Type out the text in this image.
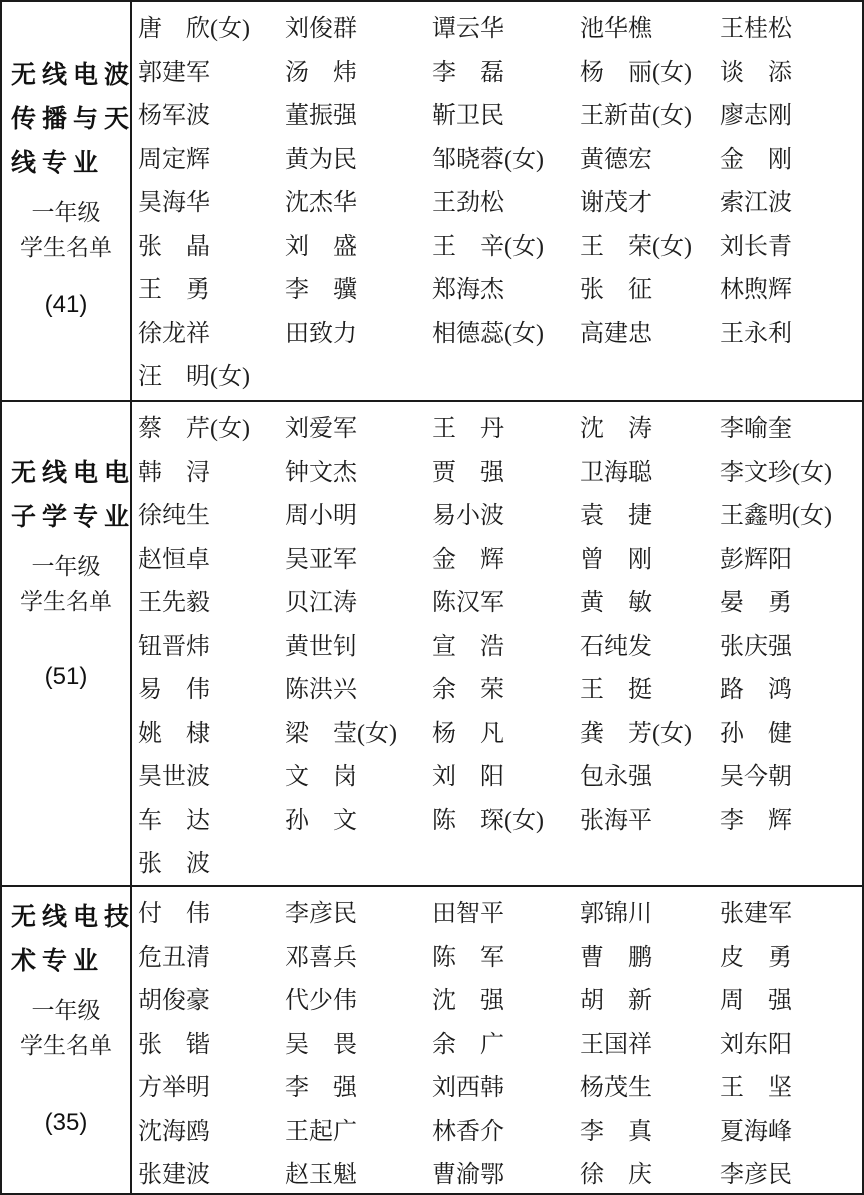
无线电波
传播与天
线专业
一年级
学生名单
(41)
唐　欣(女)	刘俊群	谭云华	池华樵	王桂松
郭建军	汤　炜	李　磊	杨　丽(女)	谈　添
杨军波	董振强	靳卫民	王新苗(女)	廖志刚
周定辉	黄为民	邹晓蓉(女)	黄德宏	金　刚
昊海华	沈杰华	王劲松	谢茂才	索江波
张　晶	刘　盛	王　辛(女)	王　荣(女)	刘长青
王　勇	李　骥	郑海杰	张　征	林煦辉
徐龙祥	田致力	相德蕊(女)	高建忠	王永利
汪　明(女)
无线电电
子学专业
一年级
学生名单
(51)
蔡　芹(女)	刘爱军	王　丹	沈　涛	李喻奎
韩　浔	钟文杰	贾　强	卫海聪	李文珍(女)
徐纯生	周小明	易小波	袁　捷	王鑫明(女)
赵恒卓	吴亚军	金　辉	曾　刚	彭辉阳
王先毅	贝江涛	陈汉军	黄　敏	晏　勇
钮晋炜	黄世钊	宣　浩	石纯发	张庆强
易　伟	陈洪兴	余　荣	王　挺	路　鸿
姚　棣	梁　莹(女)	杨　凡	龚　芳(女)	孙　健
昊世波	文　岗	刘　阳	包永强	吴今朝
车　达	孙　文	陈　琛(女)	张海平	李　辉
张　波
无线电技
术专业
一年级
学生名单
(35)
付　伟	李彦民	田智平	郭锦川	张建军
危丑清	邓喜兵	陈　军	曹　鹏	皮　勇
胡俊豪	代少伟	沈　强	胡　新	周　强
张　锴	吴　畏	余　广	王国祥	刘东阳
方举明	李　强	刘西韩	杨茂生	王　坚
沈海鸥	王起广	林香介	李　真	夏海峰
张建波	赵玉魁	曹渝鄂	徐　庆	李彦民
